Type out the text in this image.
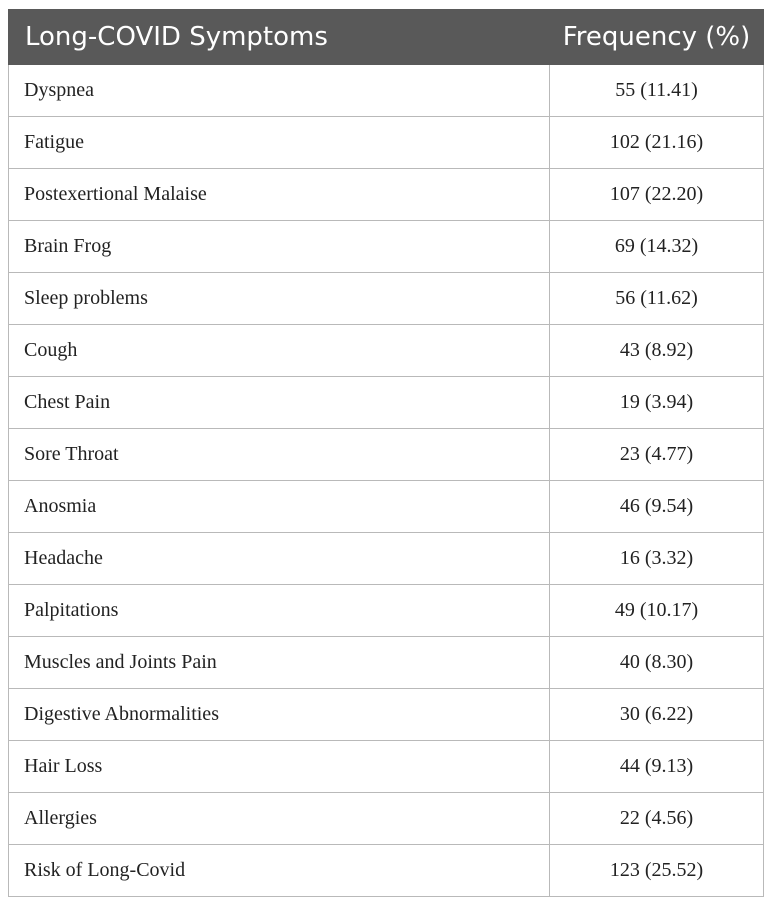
Long-COVID Symptoms	Frequency (%)
Dyspnea	55 (11.41)
Fatigue	102 (21.16)
Postexertional Malaise	107 (22.20)
Brain Frog	69 (14.32)
Sleep problems	56 (11.62)
Cough	43 (8.92)
Chest Pain	19 (3.94)
Sore Throat	23 (4.77)
Anosmia	46 (9.54)
Headache	16 (3.32)
Palpitations	49 (10.17)
Muscles and Joints Pain	40 (8.30)
Digestive Abnormalities	30 (6.22)
Hair Loss	44 (9.13)
Allergies	22 (4.56)
Risk of Long-Covid	123 (25.52)
